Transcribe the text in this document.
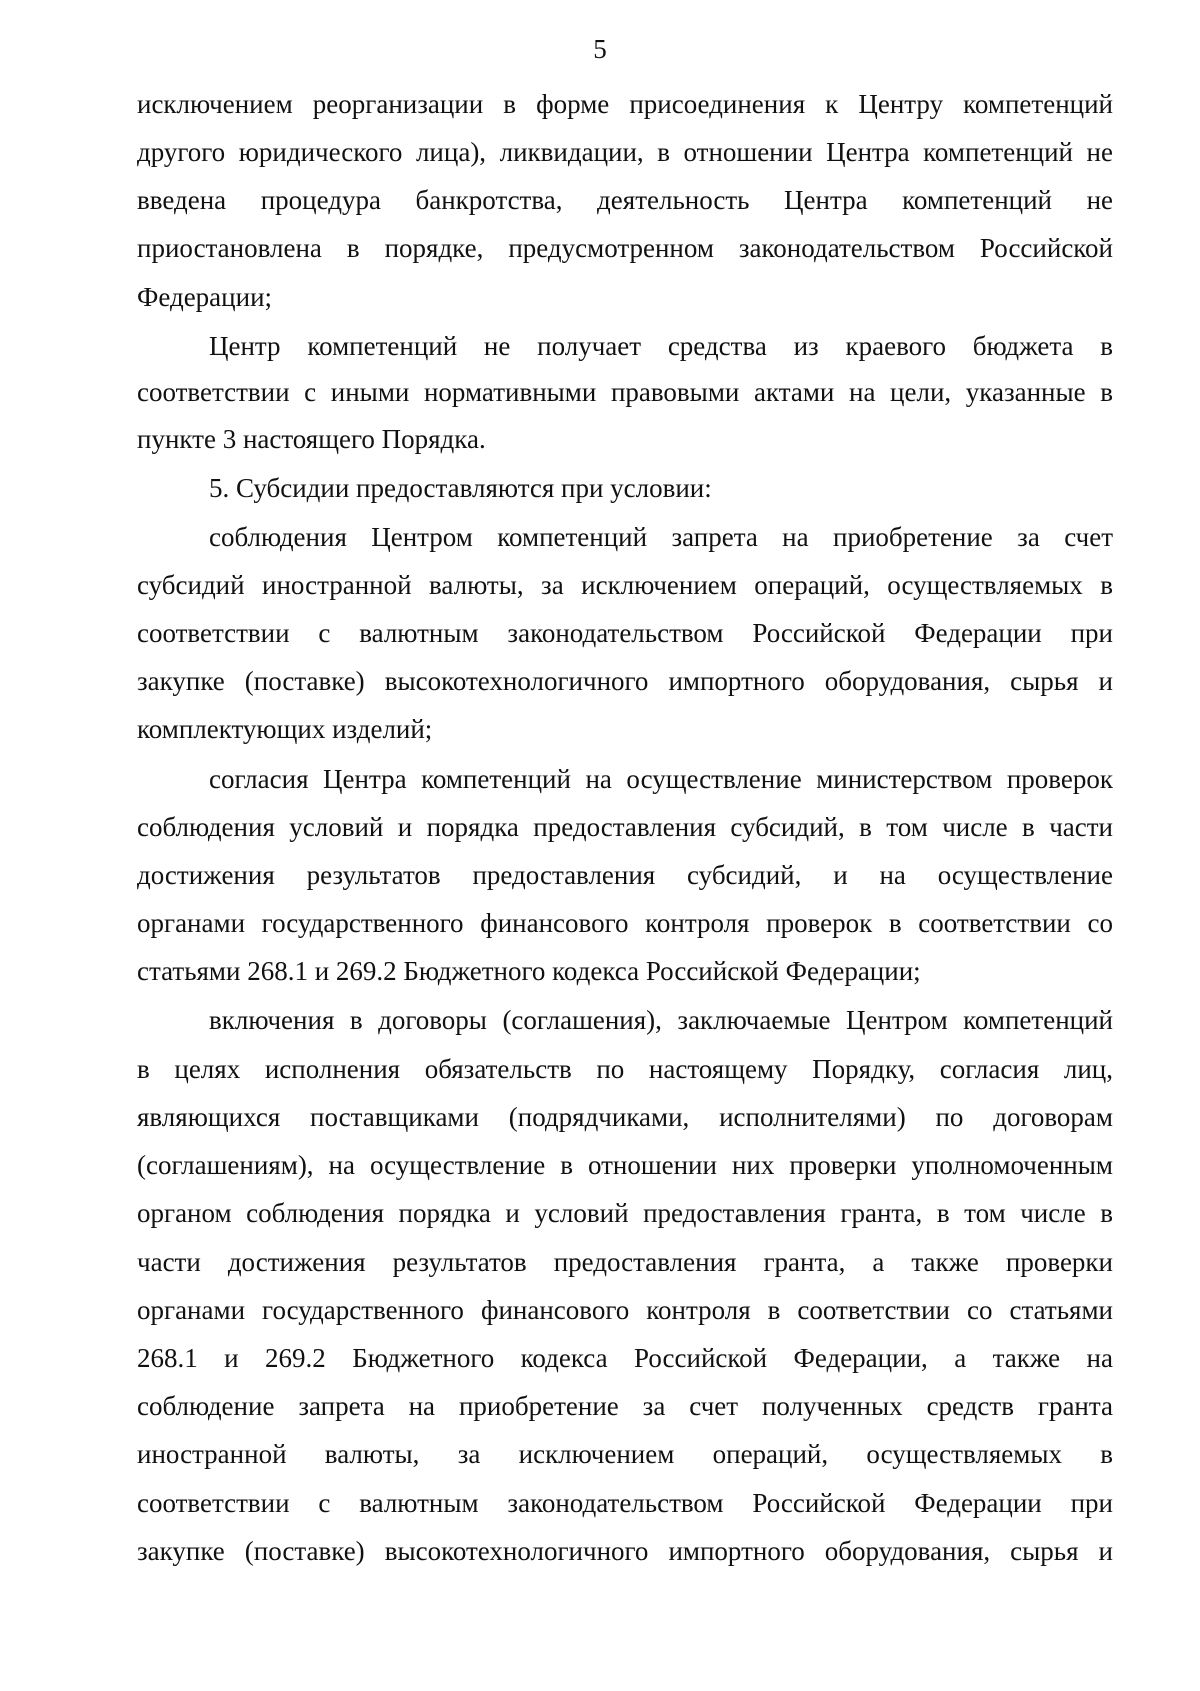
5
исключением реорганизации в форме присоединения к Центру компетенций
другого юридического лица), ликвидации, в отношении Центра компетенций не
введена процедура банкротства, деятельность Центра компетенций не
приостановлена в порядке, предусмотренном законодательством Российской
Федерации;
Центр компетенций не получает средства из краевого бюджета в
соответствии с иными нормативными правовыми актами на цели, указанные в
пункте 3 настоящего Порядка.
5. Субсидии предоставляются при условии:
соблюдения Центром компетенций запрета на приобретение за счет
субсидий иностранной валюты, за исключением операций, осуществляемых в
соответствии с валютным законодательством Российской Федерации при
закупке (поставке) высокотехнологичного импортного оборудования, сырья и
комплектующих изделий;
согласия Центра компетенций на осуществление министерством проверок
соблюдения условий и порядка предоставления субсидий, в том числе в части
достижения результатов предоставления субсидий, и на осуществление
органами государственного финансового контроля проверок в соответствии со
статьями 268.1 и 269.2 Бюджетного кодекса Российской Федерации;
включения в договоры (соглашения), заключаемые Центром компетенций
в целях исполнения обязательств по настоящему Порядку, согласия лиц,
являющихся поставщиками (подрядчиками, исполнителями) по договорам
(соглашениям), на осуществление в отношении них проверки уполномоченным
органом соблюдения порядка и условий предоставления гранта, в том числе в
части достижения результатов предоставления гранта, а также проверки
органами государственного финансового контроля в соответствии со статьями
268.1 и 269.2 Бюджетного кодекса Российской Федерации, а также на
соблюдение запрета на приобретение за счет полученных средств гранта
иностранной валюты, за исключением операций, осуществляемых в
соответствии с валютным законодательством Российской Федерации при
закупке (поставке) высокотехнологичного импортного оборудования, сырья и
